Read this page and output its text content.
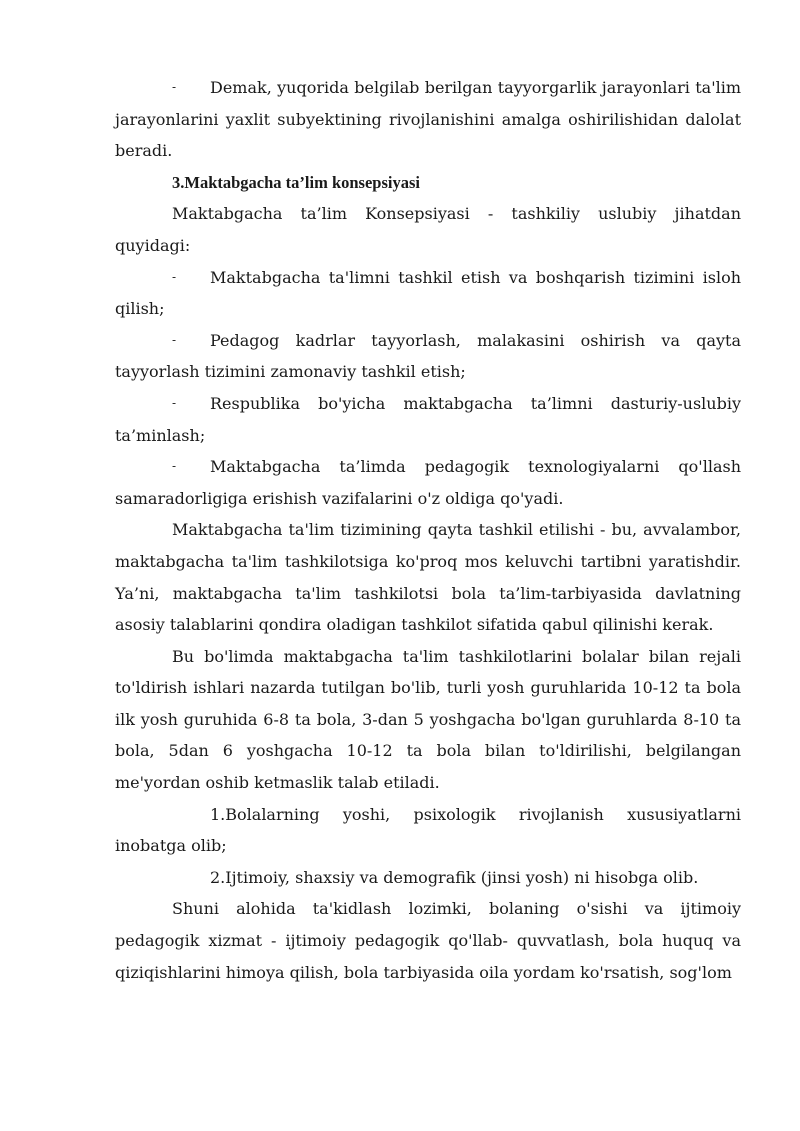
- Demak, yuqorida belgilab berilgan tayyorgarlik jarayonlari ta'lim jarayonlarini yaxlit subyektining rivojlanishini amalga oshirilishidan dalolat beradi.

3.Maktabgacha ta’lim konsepsiyasi

Maktabgacha ta’lim Konsepsiyasi - tashkiliy uslubiy jihatdan quyidagi:

- Maktabgacha ta'limni tashkil etish va boshqarish tizimini isloh qilish;

- Pedagog kadrlar tayyorlash, malakasini oshirish va qayta tayyorlash tizimini zamonaviy tashkil etish;

- Respublika bo'yicha maktabgacha ta’limni dasturiy-uslubiy ta’minlash;

- Maktabgacha ta’limda pedagogik texnologiyalarni qo'llash samaradorligiga erishish vazifalarini o'z oldiga qo'yadi.

Maktabgacha ta'lim tizimining qayta tashkil etilishi - bu, avvalambor, maktabgacha ta'lim tashkilotsiga ko'proq mos keluvchi tartibni yaratishdir. Ya’ni, maktabgacha ta'lim tashkilotsi bola ta’lim-tarbiyasida davlatning asosiy talablarini qondira oladigan tashkilot sifatida qabul qilinishi kerak.

Bu bo'limda maktabgacha ta'lim tashkilotlarini bolalar bilan rejali to'ldirish ishlari nazarda tutilgan bo'lib, turli yosh guruhlarida 10-12 ta bola ilk yosh guruhida 6-8 ta bola, 3-dan 5 yoshgacha bo'lgan guruhlarda 8-10 ta bola, 5dan 6 yoshgacha 10-12 ta bola bilan to'ldirilishi, belgilangan me'yordan oshib ketmaslik talab etiladi.

1.Bolalarning yoshi, psixologik rivojlanish xususiyatlarni inobatga olib;

2.Ijtimoiy, shaxsiy va demografik (jinsi yosh) ni hisobga olib.

Shuni alohida ta'kidlash lozimki, bolaning o'sishi va ijtimoiy pedagogik xizmat - ijtimoiy pedagogik qo'llab- quvvatlash, bola huquq va qiziqishlarini himoya qilish, bola tarbiyasida oila yordam ko'rsatish, sog'lom
